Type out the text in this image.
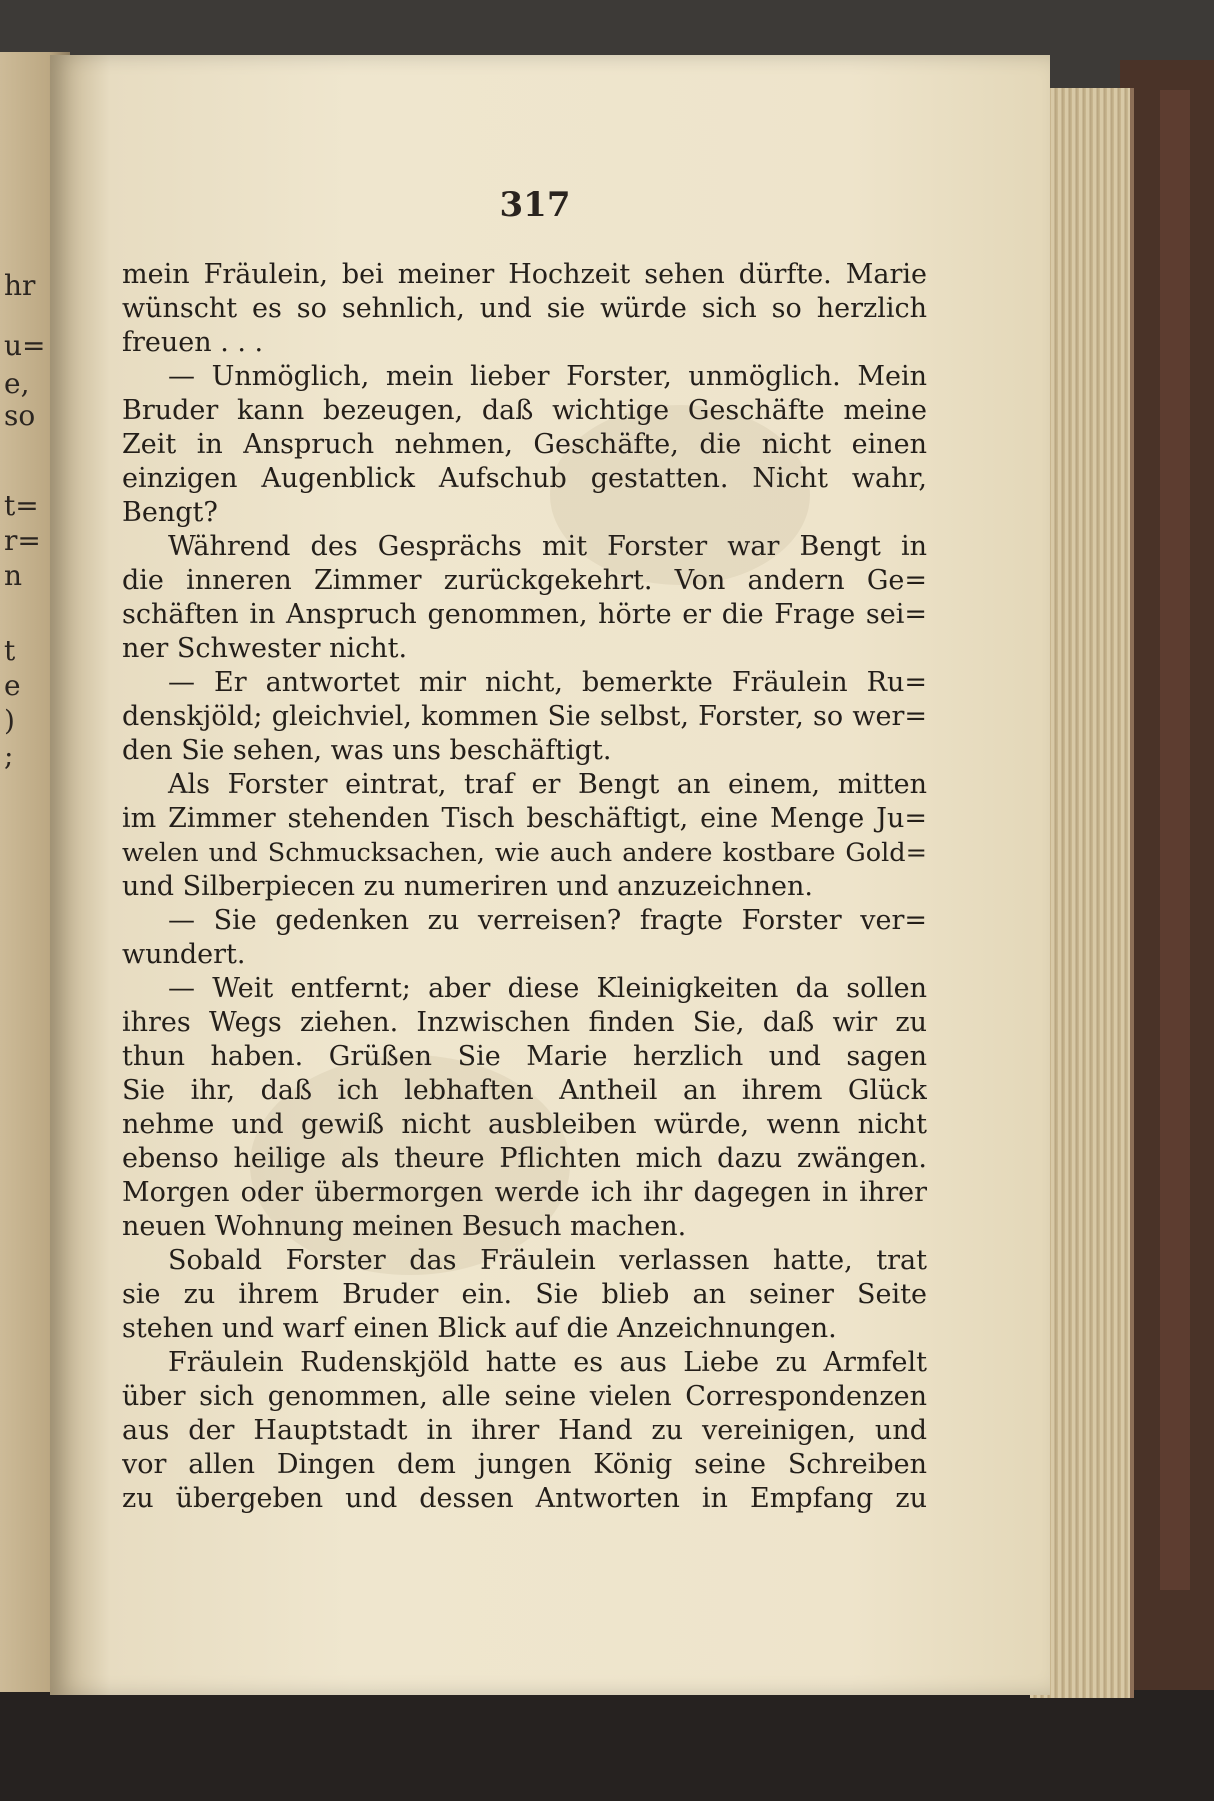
hr
u=
e,
so
t=
r=
n
t
e
)
;
317
mein Fräulein, bei meiner Hochzeit sehen dürfte. Marie
wünscht es so sehnlich, und sie würde sich so herzlich
freuen . . .
— Unmöglich, mein lieber Forster, unmöglich. Mein
Bruder kann bezeugen, daß wichtige Geschäfte meine
Zeit in Anspruch nehmen, Geschäfte, die nicht einen
einzigen Augenblick Aufschub gestatten. Nicht wahr,
Bengt?
Während des Gesprächs mit Forster war Bengt in
die inneren Zimmer zurückgekehrt. Von andern Ge=
schäften in Anspruch genommen, hörte er die Frage sei=
ner Schwester nicht.
— Er antwortet mir nicht, bemerkte Fräulein Ru=
denskjöld; gleichviel, kommen Sie selbst, Forster, so wer=
den Sie sehen, was uns beschäftigt.
Als Forster eintrat, traf er Bengt an einem, mitten
im Zimmer stehenden Tisch beschäftigt, eine Menge Ju=
welen und Schmucksachen, wie auch andere kostbare Gold=
und Silberpiecen zu numeriren und anzuzeichnen.
— Sie gedenken zu verreisen? fragte Forster ver=
wundert.
— Weit entfernt; aber diese Kleinigkeiten da sollen
ihres Wegs ziehen. Inzwischen finden Sie, daß wir zu
thun haben. Grüßen Sie Marie herzlich und sagen
Sie ihr, daß ich lebhaften Antheil an ihrem Glück
nehme und gewiß nicht ausbleiben würde, wenn nicht
ebenso heilige als theure Pflichten mich dazu zwängen.
Morgen oder übermorgen werde ich ihr dagegen in ihrer
neuen Wohnung meinen Besuch machen.
Sobald Forster das Fräulein verlassen hatte, trat
sie zu ihrem Bruder ein. Sie blieb an seiner Seite
stehen und warf einen Blick auf die Anzeichnungen.
Fräulein Rudenskjöld hatte es aus Liebe zu Armfelt
über sich genommen, alle seine vielen Correspondenzen
aus der Hauptstadt in ihrer Hand zu vereinigen, und
vor allen Dingen dem jungen König seine Schreiben
zu übergeben und dessen Antworten in Empfang zu
